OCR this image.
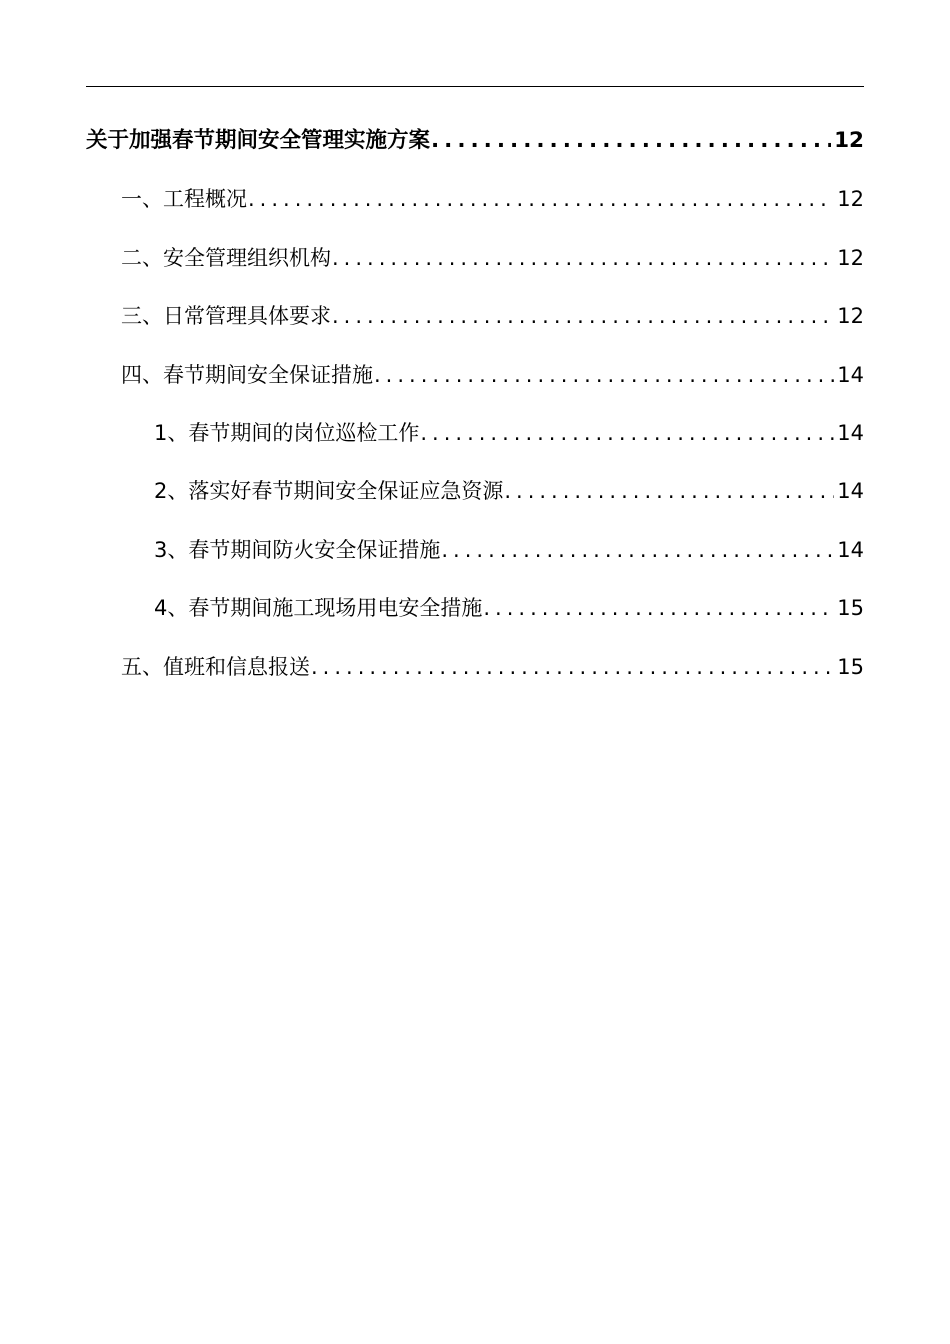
关于加强春节期间安全管理实施方案 .....	12
一、工程概况 .....	12
二、安全管理组织机构 .....	12
三、日常管理具体要求 .....	12
四、春节期间安全保证措施 .....	14
1、春节期间的岗位巡检工作 .....	14
2、落实好春节期间安全保证应急资源 .....	14
3、春节期间防火安全保证措施 .....	14
4、春节期间施工现场用电安全措施 .....	15
五、值班和信息报送 .....	15
